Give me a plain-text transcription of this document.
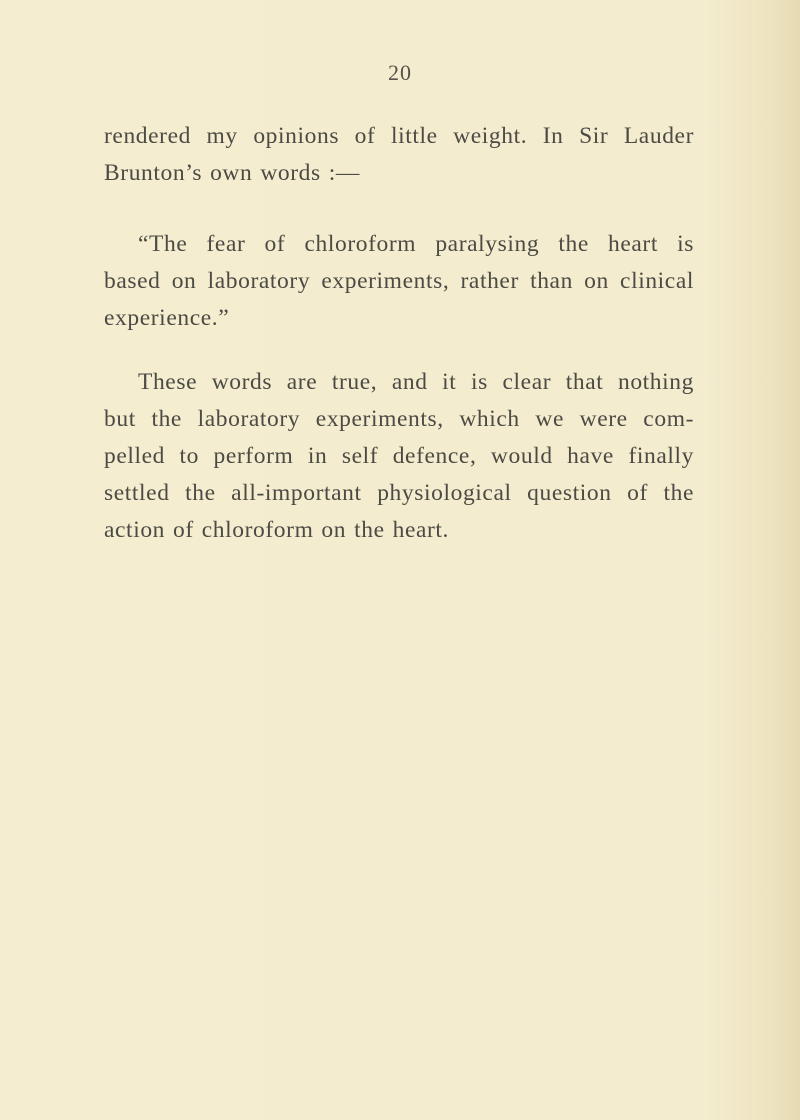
20
rendered my opinions of little weight. In Sir Lauder
Brunton’s own words :—
“The fear of chloroform paralysing the heart is
based on laboratory experiments, rather than on clinical
experience.”
These words are true, and it is clear that nothing
but the laboratory experiments, which we were com-
pelled to perform in self defence, would have finally
settled the all-important physiological question of the
action of chloroform on the heart.
